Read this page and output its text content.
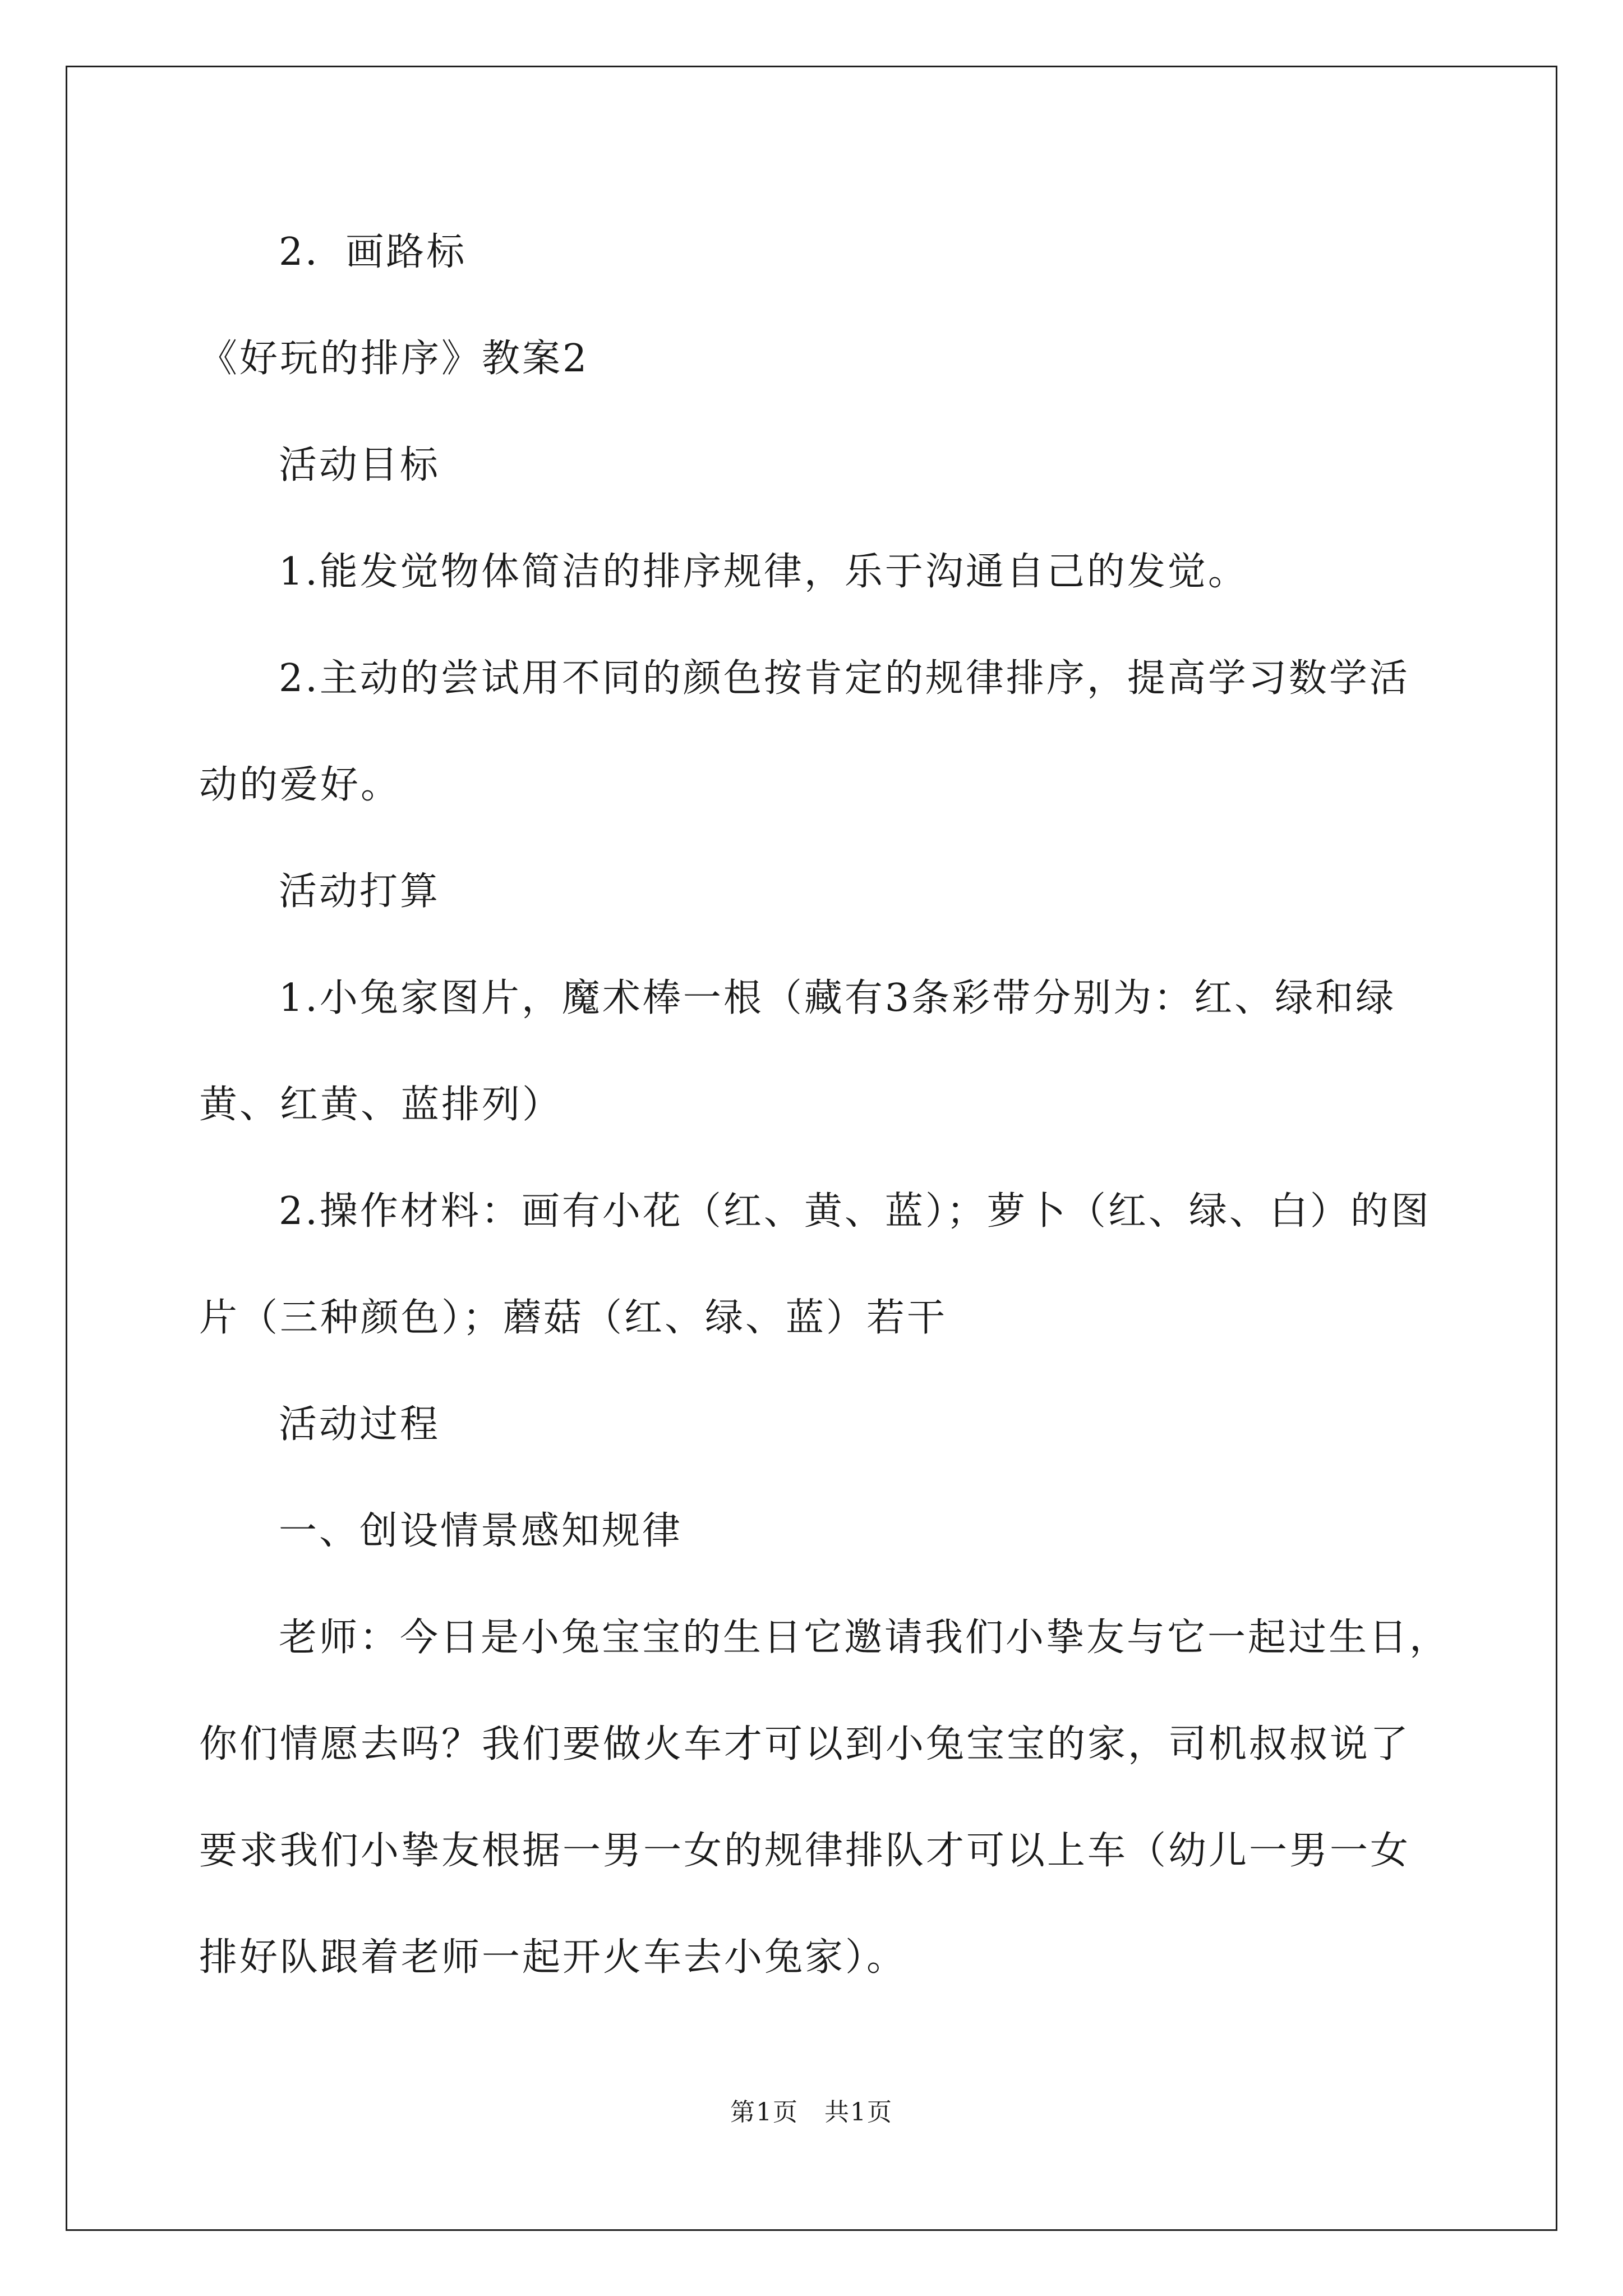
2．画路标
《好玩的排序》教案2
活动目标
1.能发觉物体简洁的排序规律，乐于沟通自己的发觉。
2.主动的尝试用不同的颜色按肯定的规律排序，提高学习数学活
动的爱好。
活动打算
1.小兔家图片，魔术棒一根（藏有3条彩带分别为：红、绿和绿
黄、红黄、蓝排列）
2.操作材料：画有小花（红、黄、蓝）；萝卜（红、绿、白）的图
片（三种颜色）；蘑菇（红、绿、蓝）若干
活动过程
一、创设情景感知规律
老师：今日是小兔宝宝的生日它邀请我们小挚友与它一起过生日，
你们情愿去吗？我们要做火车才可以到小兔宝宝的家，司机叔叔说了
要求我们小挚友根据一男一女的规律排队才可以上车（幼儿一男一女
排好队跟着老师一起开火车去小兔家）。
第1页　共1页
